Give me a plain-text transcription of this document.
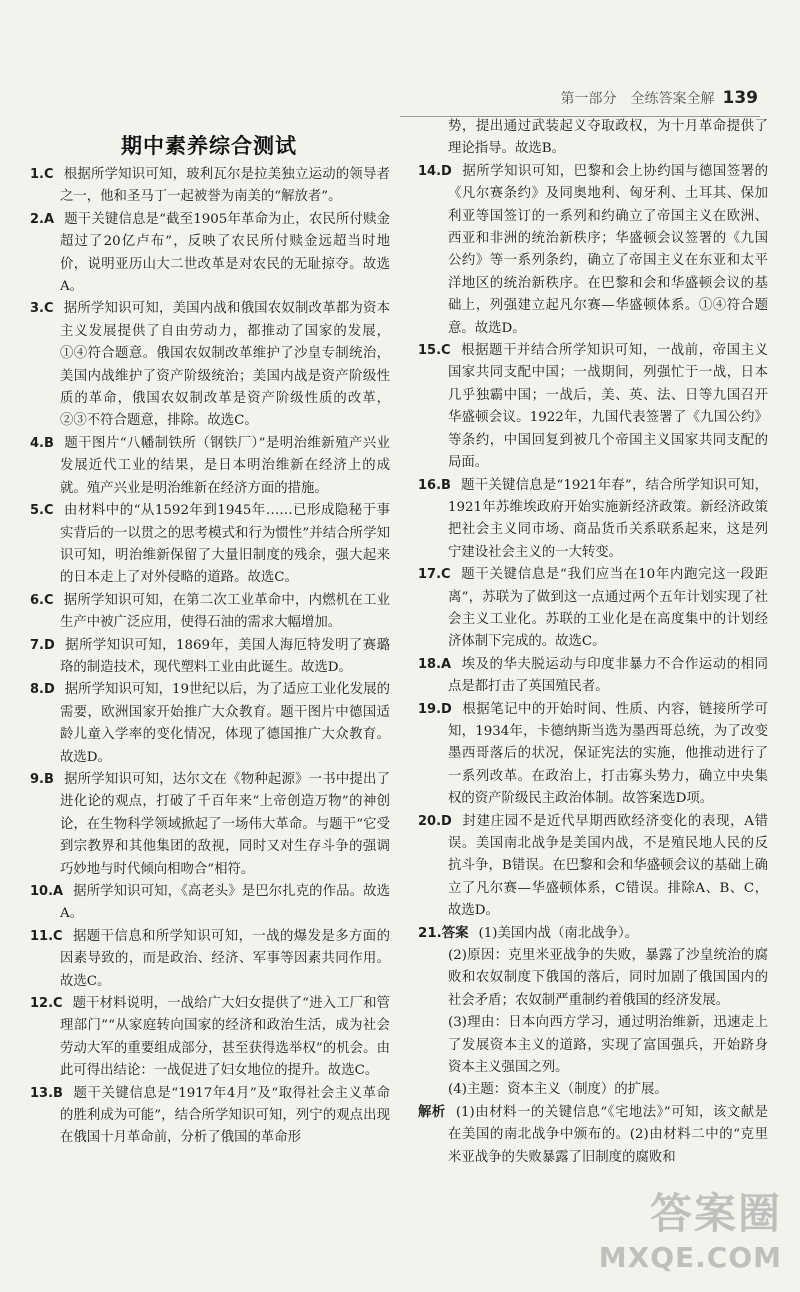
第一部分　全练答案全解 139
期中素养综合测试
1.C 根据所学知识可知，玻利瓦尔是拉美独立运动的领导者之一，他和圣马丁一起被誉为南美的“解放者”。
2.A 题干关键信息是“截至1905年革命为止，农民所付赎金超过了20亿卢布”，反映了农民所付赎金远超当时地价，说明亚历山大二世改革是对农民的无耻掠夺。故选A。
3.C 据所学知识可知，美国内战和俄国农奴制改革都为资本主义发展提供了自由劳动力，都推动了国家的发展，①④符合题意。俄国农奴制改革维护了沙皇专制统治，美国内战维护了资产阶级统治；美国内战是资产阶级性质的革命，俄国农奴制改革是资产阶级性质的改革，②③不符合题意，排除。故选C。
4.B 题干图片“八幡制铁所（钢铁厂）”是明治维新殖产兴业发展近代工业的结果，是日本明治维新在经济上的成就。殖产兴业是明治维新在经济方面的措施。
5.C 由材料中的“从1592年到1945年……已形成隐秘于事实背后的一以贯之的思考模式和行为惯性”并结合所学知识可知，明治维新保留了大量旧制度的残余，强大起来的日本走上了对外侵略的道路。故选C。
6.C 据所学知识可知，在第二次工业革命中，内燃机在工业生产中被广泛应用，使得石油的需求大幅增加。
7.D 据所学知识可知，1869年，美国人海厄特发明了赛璐珞的制造技术，现代塑料工业由此诞生。故选D。
8.D 据所学知识可知，19世纪以后，为了适应工业化发展的需要，欧洲国家开始推广大众教育。题干图片中德国适龄儿童入学率的变化情况，体现了德国推广大众教育。故选D。
9.B 据所学知识可知，达尔文在《物种起源》一书中提出了进化论的观点，打破了千百年来“上帝创造万物”的神创论，在生物科学领域掀起了一场伟大革命。与题干“它受到宗教界和其他集团的敌视，同时又对生存斗争的强调巧妙地与时代倾向相吻合”相符。
10.A 据所学知识可知，《高老头》是巴尔扎克的作品。故选A。
11.C 据题干信息和所学知识可知，一战的爆发是多方面的因素导致的，而是政治、经济、军事等因素共同作用。故选C。
12.C 题干材料说明，一战给广大妇女提供了“进入工厂和管理部门”“从家庭转向国家的经济和政治生活，成为社会劳动大军的重要组成部分，甚至获得选举权”的机会。由此可得出结论：一战促进了妇女地位的提升。故选C。
13.B 题干关键信息是“1917年4月”及“取得社会主义革命的胜利成为可能”，结合所学知识可知，列宁的观点出现在俄国十月革命前，分析了俄国的革命形
势，提出通过武装起义夺取政权，为十月革命提供了理论指导。故选B。
14.D 据所学知识可知，巴黎和会上协约国与德国签署的《凡尔赛条约》及同奥地利、匈牙利、土耳其、保加利亚等国签订的一系列和约确立了帝国主义在欧洲、西亚和非洲的统治新秩序；华盛顿会议签署的《九国公约》等一系列条约，确立了帝国主义在东亚和太平洋地区的统治新秩序。在巴黎和会和华盛顿会议的基础上，列强建立起凡尔赛—华盛顿体系。①④符合题意。故选D。
15.C 根据题干并结合所学知识可知，一战前，帝国主义国家共同支配中国；一战期间，列强忙于一战，日本几乎独霸中国；一战后，美、英、法、日等九国召开华盛顿会议。1922年，九国代表签署了《九国公约》等条约，中国回复到被几个帝国主义国家共同支配的局面。
16.B 题干关键信息是“1921年春”，结合所学知识可知，1921年苏维埃政府开始实施新经济政策。新经济政策把社会主义同市场、商品货币关系联系起来，这是列宁建设社会主义的一大转变。
17.C 题干关键信息是“我们应当在10年内跑完这一段距离”，苏联为了做到这一点通过两个五年计划实现了社会主义工业化。苏联的工业化是在高度集中的计划经济体制下完成的。故选C。
18.A 埃及的华夫脱运动与印度非暴力不合作运动的相同点是都打击了英国殖民者。
19.D 根据笔记中的开始时间、性质、内容，链接所学可知，1934年，卡德纳斯当选为墨西哥总统，为了改变墨西哥落后的状况，保证宪法的实施，他推动进行了一系列改革。在政治上，打击寡头势力，确立中央集权的资产阶级民主政治体制。故答案选D项。
20.D 封建庄园不是近代早期西欧经济变化的表现，A错误。美国南北战争是美国内战，不是殖民地人民的反抗斗争，B错误。在巴黎和会和华盛顿会议的基础上确立了凡尔赛—华盛顿体系，C错误。排除A、B、C，故选D。
21.答案 (1)美国内战（南北战争）。
(2)原因：克里米亚战争的失败，暴露了沙皇统治的腐败和农奴制度下俄国的落后，同时加剧了俄国国内的社会矛盾；农奴制严重制约着俄国的经济发展。
(3)理由：日本向西方学习，通过明治维新，迅速走上了发展资本主义的道路，实现了富国强兵，开始跻身资本主义强国之列。
(4)主题：资本主义（制度）的扩展。
解析 (1)由材料一的关键信息“《宅地法》”可知，该文献是在美国的南北战争中颁布的。(2)由材料二中的“克里米亚战争的失败暴露了旧制度的腐败和
答案圈
MXQE.COM
